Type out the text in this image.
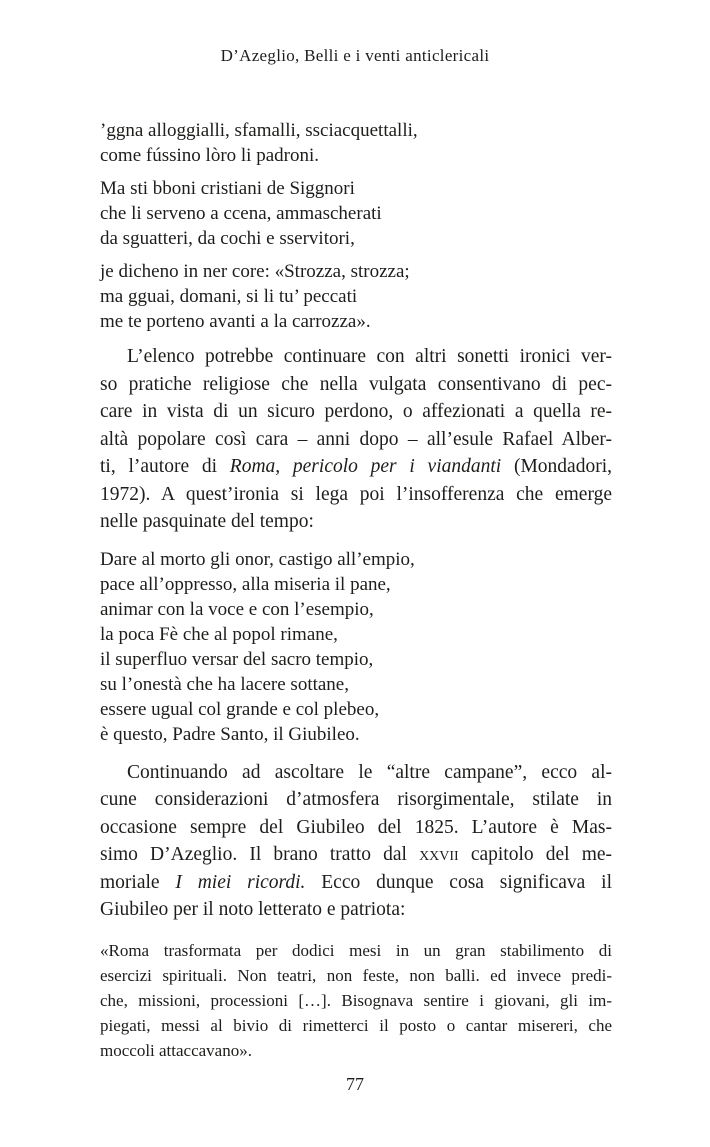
D’Azeglio, Belli e i venti anticlericali
’ggna alloggialli, sfamalli, ssciacquettalli,
come fússino lòro li padroni.
Ma sti bboni cristiani de Siggnori
che li serveno a ccena, ammascherati
da sguatteri, da cochi e sservitori,
je dicheno in ner core: «Strozza, strozza;
ma gguai, domani, si li tu’ peccati
me te porteno avanti a la carrozza».
L’elenco potrebbe continuare con altri sonetti ironici ver-
so pratiche religiose che nella vulgata consentivano di pec-
care in vista di un sicuro perdono, o affezionati a quella re-
altà popolare così cara – anni dopo – all’esule Rafael Alber-
ti, l’autore di Roma, pericolo per i viandanti (Mondadori,
1972). A quest’ironia si lega poi l’insofferenza che emerge
nelle pasquinate del tempo:
Dare al morto gli onor, castigo all’empio,
pace all’oppresso, alla miseria il pane,
animar con la voce e con l’esempio,
la poca Fè che al popol rimane,
il superfluo versar del sacro tempio,
su l’onestà che ha lacere sottane,
essere ugual col grande e col plebeo,
è questo, Padre Santo, il Giubileo.
Continuando ad ascoltare le “altre campane”, ecco al-
cune considerazioni d’atmosfera risorgimentale, stilate in
occasione sempre del Giubileo del 1825. L’autore è Mas-
simo D’Azeglio. Il brano tratto dal xxvii capitolo del me-
moriale I miei ricordi. Ecco dunque cosa significava il
Giubileo per il noto letterato e patriota:
«Roma trasformata per dodici mesi in un gran stabilimento di
esercizi spirituali. Non teatri, non feste, non balli. ed invece predi-
che, missioni, processioni […]. Bisognava sentire i giovani, gli im-
piegati, messi al bivio di rimetterci il posto o cantar misereri, che
moccoli attaccavano».
77
